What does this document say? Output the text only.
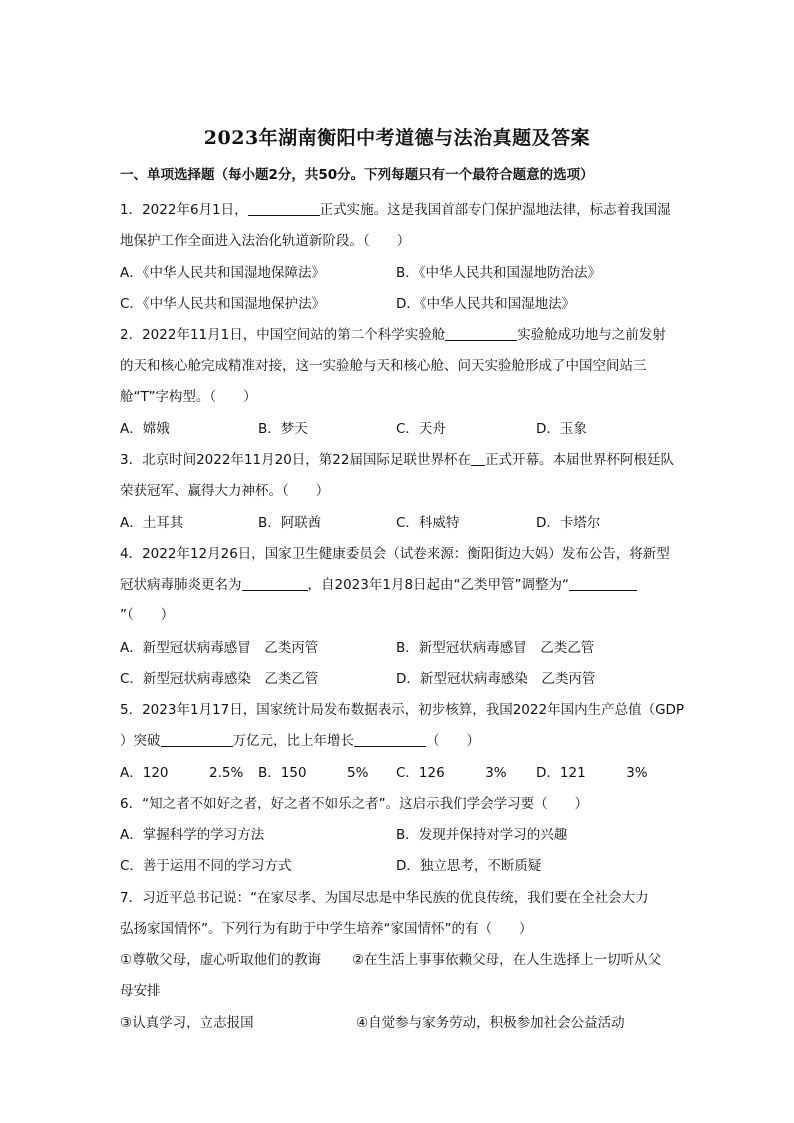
2023年湖南衡阳中考道德与法治真题及答案
一、单项选择题（每小题2分，共50分。下列每题只有一个最符合题意的选项）
1．2022年6月1日，	正式实施。这是我国首部专门保护湿地法律，标志着我国湿
地保护工作全面进入法治化轨道新阶段。（　　）
A．《中华人民共和国湿地保障法》	B．《中华人民共和国湿地防治法》
C．《中华人民共和国湿地保护法》	D．《中华人民共和国湿地法》
2．2022年11月1日，中国空间站的第二个科学实验舱	实验舱成功地与之前发射
的天和核心舱完成精准对接，这一实验舱与天和核心舱、问天实验舱形成了中国空间站三
舱“T”字构型。（　　）
A．嫦娥	B．梦天	C．天舟	D．玉象
3．北京时间2022年11月20日，第22届国际足联世界杯在 正式开幕。本届世界杯阿根廷队
荣获冠军、赢得大力神杯。（　　）
A．土耳其	B．阿联酋	C．科威特	D．卡塔尔
4．2022年12月26日，国家卫生健康委员会（试卷来源：衡阳街边大妈）发布公告，将新型
冠状病毒肺炎更名为	，自2023年1月8日起由“乙类甲管”调整为“
”（　　）
A．新型冠状病毒感冒　乙类丙管	B．新型冠状病毒感冒　乙类乙管
C．新型冠状病毒感染　乙类乙管	D．新型冠状病毒感染　乙类丙管
5．2023年1月17日，国家统计局发布数据表示，初步核算，我国2022年国内生产总值（GDP
）突破	万亿元，比上年增长	（　　）
A．120　　　2.5% B．150　　　5% C．126　　　3% D．121　　　3%
6．“知之者不如好之者，好之者不如乐之者”。这启示我们学会学习要（　　）
A．掌握科学的学习方法	B．发现并保持对学习的兴趣
C．善于运用不同的学习方式	D．独立思考，不断质疑
7．习近平总书记说：“在家尽孝、为国尽忠是中华民族的优良传统，我们要在全社会大力
弘扬家国情怀”。下列行为有助于中学生培养“家国情怀”的有（　　）
①尊敬父母，虚心听取他们的教诲 ②在生活上事事依赖父母，在人生选择上一切听从父
母安排
③认真学习，立志报国	④自觉参与家务劳动，积极参加社会公益活动
